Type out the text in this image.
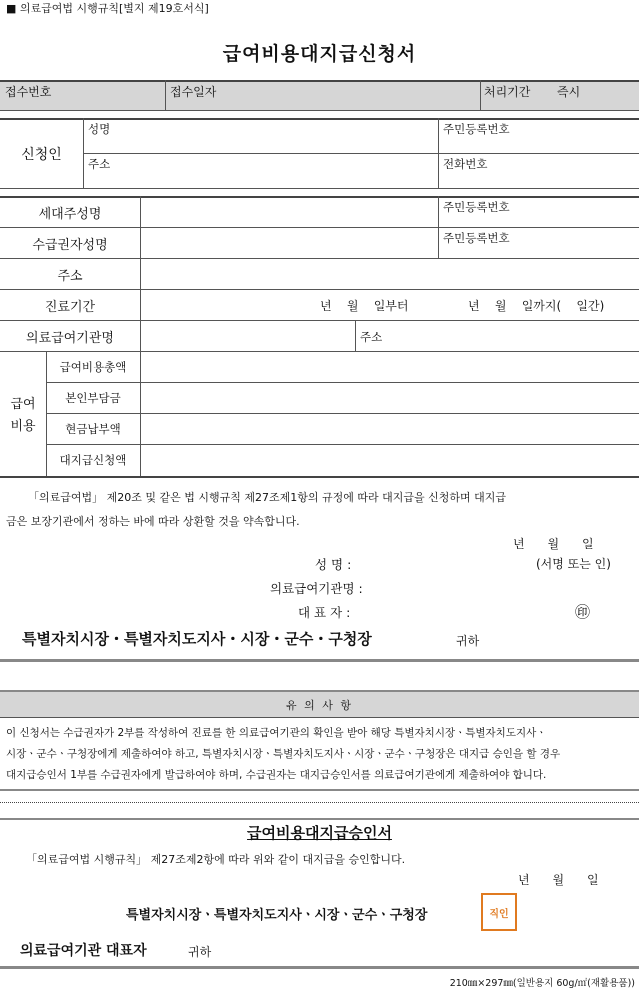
■ 의료급여법 시행규칙[별지 제19호서식]
급여비용대지급신청서
접수번호	접수일자	처리기간 즉시
신청인
성명	주민등록번호
주소	전화번호
세대주성명	주민등록번호
수급권자성명	주민등록번호
주소
진료기간	년    월    일부터	년    월    일까지(    일간)
의료급여기관명	주소
급여
비용
급여비용총액
본인부담금
현금납부액
대지급신청액
「의료급여법」 제20조 및 같은 법 시행규칙 제27조제1항의 규정에 따라 대지급을 신청하며 대지급
금은 보장기관에서 정하는 바에 따라 상환할 것을 약속합니다.
년      월      일
성 명 :	(서명 또는 인)
의료급여기관명 :
대 표 자 :	㊞
특별자치시장・특별자치도지사・시장・군수・구청장	귀하
유 의 사 항
이 신청서는 수급권자가 2부를 작성하여 진료를 한 의료급여기관의 확인을 받아 해당 특별자치시장ㆍ특별자치도지사ㆍ
시장ㆍ군수ㆍ구청장에게 제출하여야 하고, 특별자치시장ㆍ특별자치도지사ㆍ시장ㆍ군수ㆍ구청장은 대지급 승인을 할 경우
대지급승인서 1부를 수급권자에게 발급하여야 하며, 수급권자는 대지급승인서를 의료급여기관에게 제출하여야 합니다.
급여비용대지급승인서
「의료급여법 시행규칙」 제27조제2항에 따라 위와 같이 대지급을 승인합니다.
년      월      일
특별자치시장ㆍ특별자치도지사ㆍ시장ㆍ군수ㆍ구청장	직인
의료급여기관 대표자	귀하
210㎜×297㎜(일반용지 60g/㎡(재활용품))
